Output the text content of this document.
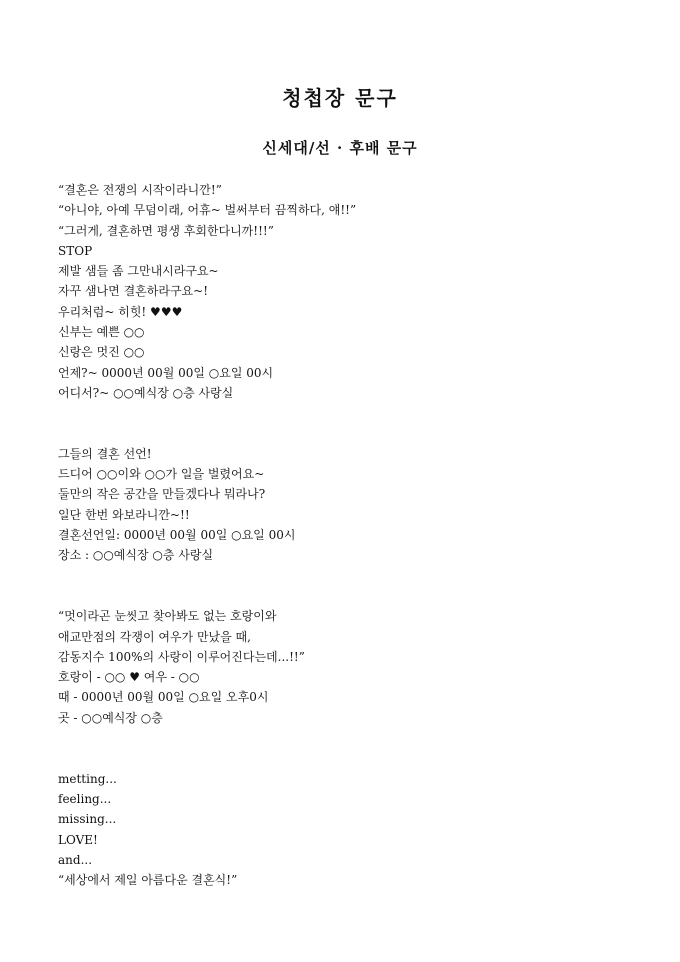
청첩장 문구
신세대/선 · 후배 문구
“결혼은 전쟁의 시작이라니깐!”
“아니야, 아예 무덤이래, 어휴~ 벌써부터 끔찍하다, 얘!!”
“그러게, 결혼하면 평생 후회한다니까!!!”
STOP
제발 샘들 좀 그만내시라구요~
자꾸 샘나면 결혼하라구요~!
우리처럼~ 히힛! ♥♥♥
신부는 예쁜 ○○
신랑은 멋진 ○○
언제?~ 0000년 00월 00일 ○요일 00시
어디서?~ ○○예식장 ○층 사랑실
그들의 결혼 선언!
드디어 ○○이와 ○○가 일을 벌렸어요~
둘만의 작은 공간을 만들겠다나 뭐라나?
일단 한번 와보라니깐~!!
결혼선언일: 0000년 00월 00일 ○요일 00시
장소 : ○○예식장 ○층 사랑실
“멋이라곤 눈씻고 찾아봐도 없는 호랑이와
애교만점의 각쟁이 여우가 만났을 때,
감동지수 100%의 사랑이 이루어진다는데...!!”
호랑이 - ○○ ♥ 여우 - ○○
때 - 0000년 00월 00일 ○요일 오후0시
곳 - ○○예식장 ○층
metting...
feeling...
missing...
LOVE!
and...
“세상에서 제일 아름다운 결혼식!”
